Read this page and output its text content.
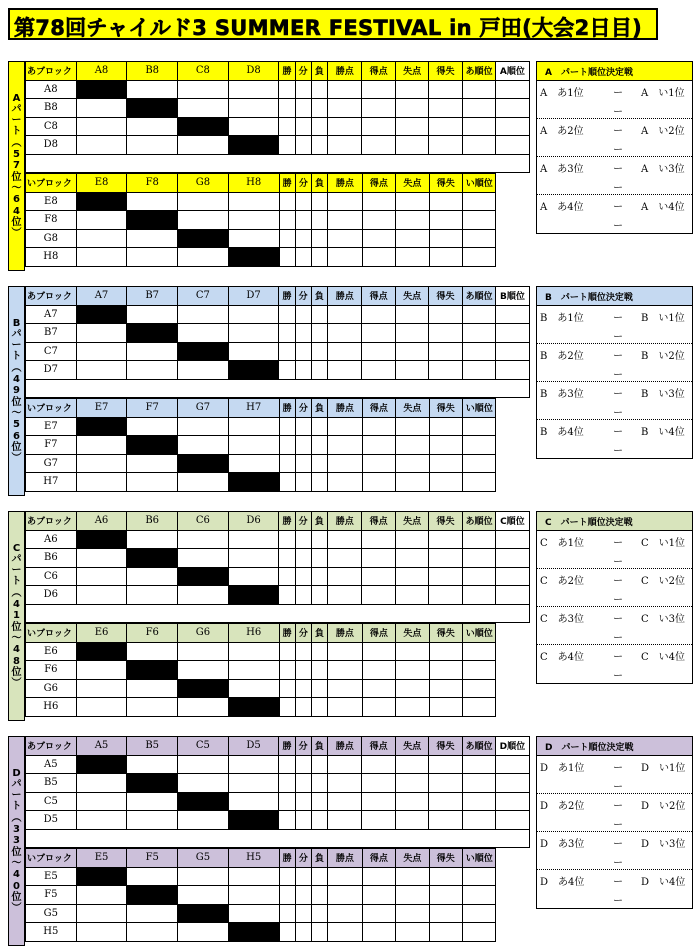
第78回チャイルド3 SUMMER FESTIVAL in 戸田(大会2日目)
A
パ
ー
ト
︵
5
7
位
〜
6
4
位
︶
あブロック	A8	B8	C8	D8	勝	分	負	勝点	得点	失点	得失	あ順位	A順位
A8													
B8													
C8													
D8													
いブロック	E8	F8	G8	H8	勝	分	負	勝点	得点	失点	得失	い順位
E8												
F8												
G8												
H8												
A　パート順位決定戦
A　あ1位	ー A　い1位
ー
A　あ2位	ー A　い2位
ー
A　あ3位	ー A　い3位
ー
A　あ4位	ー A　い4位
ー
B
パ
ー
ト
︵
4
9
位
〜
5
6
位
︶
あブロック	A7	B7	C7	D7	勝	分	負	勝点	得点	失点	得失	あ順位	B順位
A7													
B7													
C7													
D7													
いブロック	E7	F7	G7	H7	勝	分	負	勝点	得点	失点	得失	い順位
E7												
F7												
G7												
H7												
B　パート順位決定戦
B　あ1位	ー B　い1位
ー
B　あ2位	ー B　い2位
ー
B　あ3位	ー B　い3位
ー
B　あ4位	ー B　い4位
ー
C
パ
ー
ト
︵
4
1
位
〜
4
8
位
︶
あブロック	A6	B6	C6	D6	勝	分	負	勝点	得点	失点	得失	あ順位	C順位
A6													
B6													
C6													
D6													
いブロック	E6	F6	G6	H6	勝	分	負	勝点	得点	失点	得失	い順位
E6												
F6												
G6												
H6												
C　パート順位決定戦
C　あ1位	ー C　い1位
ー
C　あ2位	ー C　い2位
ー
C　あ3位	ー C　い3位
ー
C　あ4位	ー C　い4位
ー
D
パ
ー
ト
︵
3
3
位
〜
4
0
位
︶
あブロック	A5	B5	C5	D5	勝	分	負	勝点	得点	失点	得失	あ順位	D順位
A5													
B5													
C5													
D5													
いブロック	E5	F5	G5	H5	勝	分	負	勝点	得点	失点	得失	い順位
E5												
F5												
G5												
H5												
D　パート順位決定戦
D　あ1位	ー D　い1位
ー
D　あ2位	ー D　い2位
ー
D　あ3位	ー D　い3位
ー
D　あ4位	ー D　い4位
ー
